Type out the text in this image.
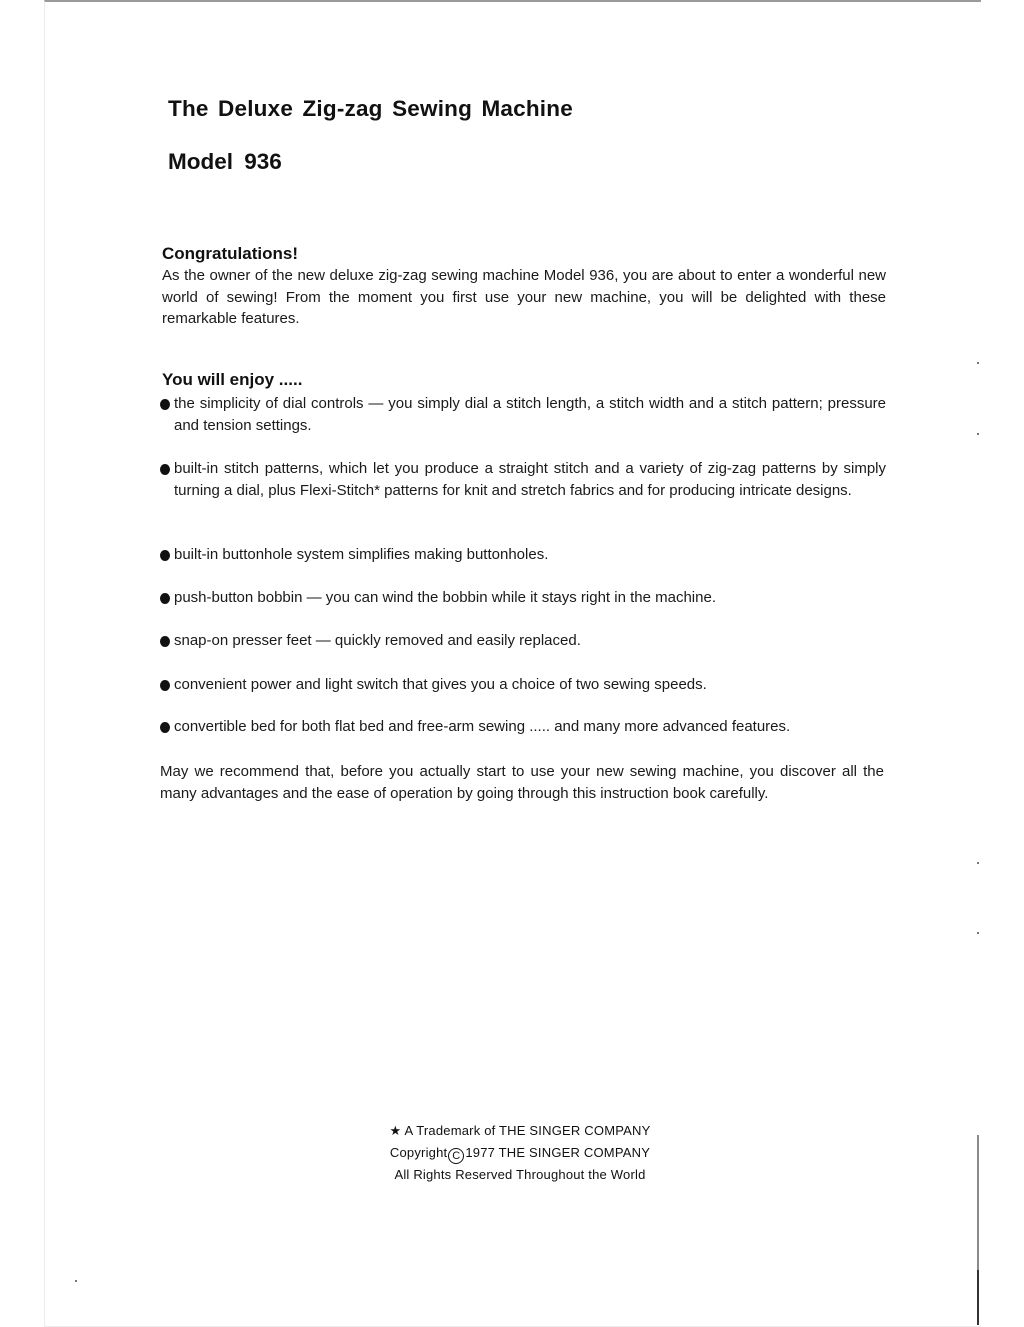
The Deluxe Zig-zag Sewing Machine
Model 936
Congratulations!
As the owner of the new deluxe zig-zag sewing machine Model 936, you are about to enter a wonderful new world of sewing! From the moment you first use your new machine, you will be delighted with these remarkable features.
You will enjoy .....
the simplicity of dial controls — you simply dial a stitch length, a stitch width and a stitch pattern; pressure and tension settings.
built-in stitch patterns, which let you produce a straight stitch and a variety of zig-zag patterns by simply turning a dial, plus Flexi-Stitch* patterns for knit and stretch fabrics and for producing intricate designs.
built-in buttonhole system simplifies making buttonholes.
push-button bobbin — you can wind the bobbin while it stays right in the machine.
snap-on presser feet — quickly removed and easily replaced.
convenient power and light switch that gives you a choice of two sewing speeds.
convertible bed for both flat bed and free-arm sewing ..... and many more advanced features.
May we recommend that, before you actually start to use your new sewing machine, you discover all the many advantages and the ease of operation by going through this instruction book carefully.
★ A Trademark of THE SINGER COMPANY
Copyright C 1977 THE SINGER COMPANY
All Rights Reserved Throughout the World
